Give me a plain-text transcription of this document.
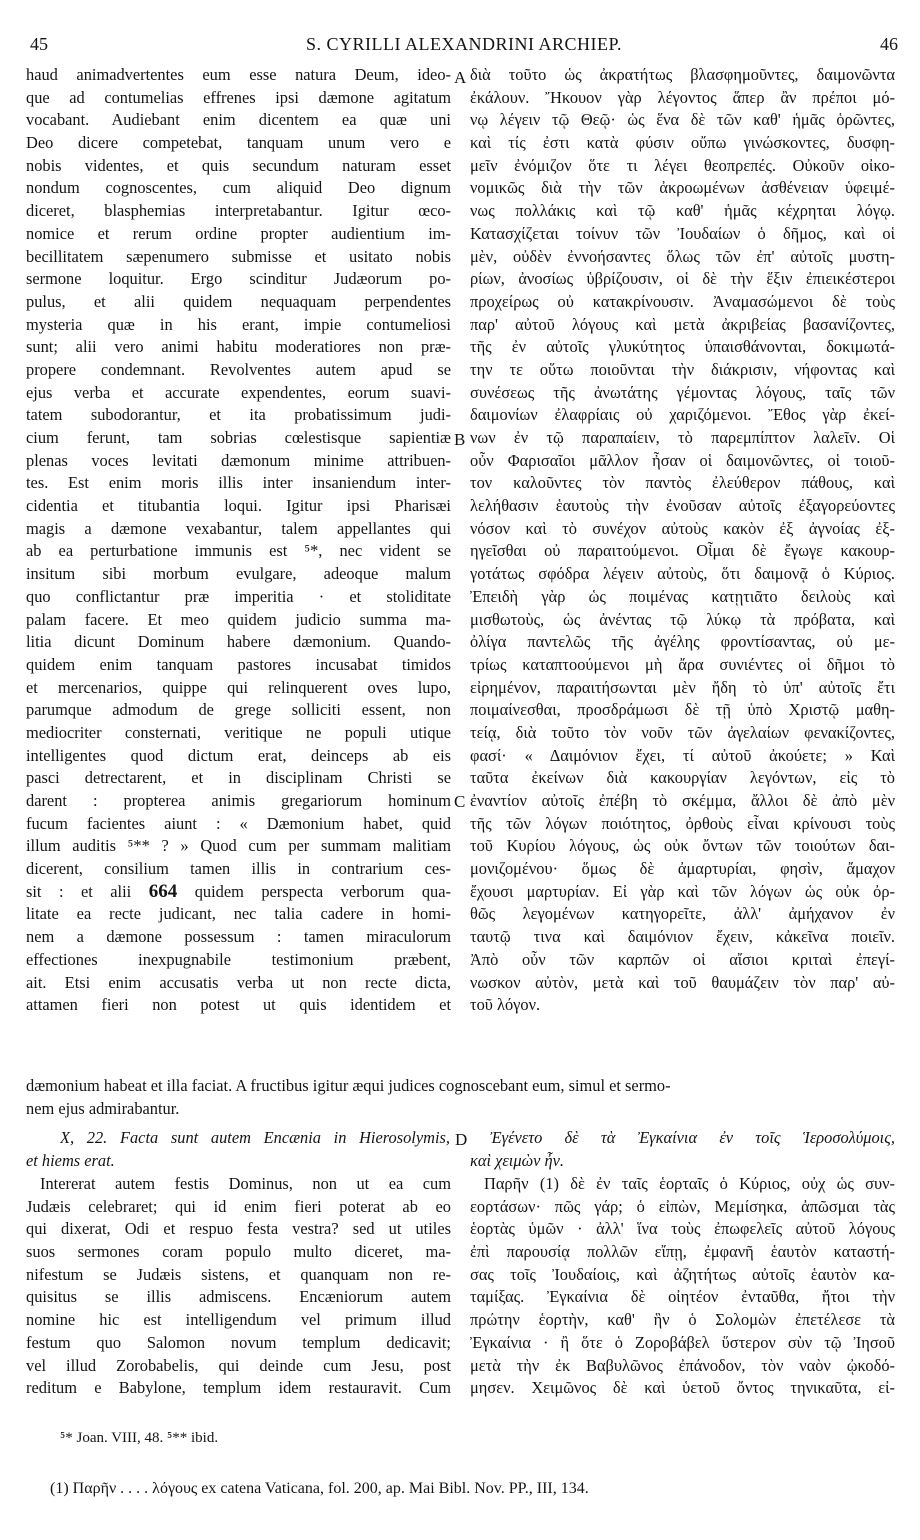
45	S. CYRILLI ALEXANDRINI ARCHIEP.	46
A
B
C
D
haud animadvertentes eum esse natura Deum, ideo-
que ad contumelias effrenes ipsi dæmone agitatum
vocabant. Audiebant enim dicentem ea quæ uni
Deo dicere competebat, tanquam unum vero e
nobis videntes, et quis secundum naturam esset
nondum cognoscentes, cum aliquid Deo dignum
diceret, blasphemias interpretabantur. Igitur œco-
nomice et rerum ordine propter audientium im-
becillitatem sæpenumero submisse et usitato nobis
sermone loquitur. Ergo scinditur Judæorum po-
pulus, et alii quidem nequaquam perpendentes
mysteria quæ in his erant, impie contumeliosi
sunt; alii vero animi habitu moderatiores non præ-
propere condemnant. Revolventes autem apud se
ejus verba et accurate expendentes, eorum suavi-
tatem subodorantur, et ita probatissimum judi-
cium ferunt, tam sobrias cœlestisque sapientiæ
plenas voces levitati dæmonum minime attribuen-
tes. Est enim moris illis inter insaniendum inter-
cidentia et titubantia loqui. Igitur ipsi Pharisæi
magis a dæmone vexabantur, talem appellantes qui
ab ea perturbatione immunis est ⁵*, nec vident se
insitum sibi morbum evulgare, adeoque malum
quo conflictantur præ imperitia · et stoliditate
palam facere. Et meo quidem judicio summa ma-
litia dicunt Dominum habere dæmonium. Quando-
quidem enim tanquam pastores incusabat timidos
et mercenarios, quippe qui relinquerent oves lupo,
parumque admodum de grege solliciti essent, non
mediocriter consternati, veritique ne populi utique
intelligentes quod dictum erat, deinceps ab eis
pasci detrectarent, et in disciplinam Christi se
darent : propterea animis gregariorum hominum
fucum facientes aiunt : « Dæmonium habet, quid
illum auditis ⁵** ? » Quod cum per summam malitiam
dicerent, consilium tamen illis in contrarium ces-
sit : et alii 664 quidem perspecta verborum qua-
litate ea recte judicant, nec talia cadere in homi-
nem a dæmone possessum : tamen miraculorum
effectiones inexpugnabile testimonium præbent,
ait. Etsi enim accusatis verba ut non recte dicta,
attamen fieri non potest ut quis identidem et
διὰ τοῦτο ὡς ἀκρατήτως βλασφημοῦντες, δαιμονῶντα
ἐκάλουν. Ἤκουον γὰρ λέγοντος ἅπερ ἂν πρέποι μό-
νῳ λέγειν τῷ Θεῷ· ὡς ἕνα δὲ τῶν καθ' ἡμᾶς ὁρῶντες,
καὶ τίς ἐστι κατὰ φύσιν οὔπω γινώσκοντες, δυσφη-
μεῖν ἐνόμιζον ὅτε τι λέγει θεοπρεπές. Οὐκοῦν οἰκο-
νομικῶς διὰ τὴν τῶν ἀκροωμένων ἀσθένειαν ὑφειμέ-
νως πολλάκις καὶ τῷ καθ' ἡμᾶς κέχρηται λόγῳ.
Κατασχίζεται τοίνυν τῶν Ἰουδαίων ὁ δῆμος, καὶ οἱ
μὲν, οὐδὲν ἐννοήσαντες ὅλως τῶν ἐπ' αὐτοῖς μυστη-
ρίων, ἀνοσίως ὑβρίζουσιν, οἱ δὲ τὴν ἕξιν ἐπιεικέστεροι
προχείρως οὐ κατακρίνουσιν. Ἀναμασώμενοι δὲ τοὺς
παρ' αὐτοῦ λόγους καὶ μετὰ ἀκριβείας βασανίζοντες,
τῆς ἐν αὐτοῖς γλυκύτητος ὑπαισθάνονται, δοκιμωτά-
την τε οὕτω ποιοῦνται τὴν διάκρισιν, νήφοντας καὶ
συνέσεως τῆς ἀνωτάτης γέμοντας λόγους, ταῖς τῶν
δαιμονίων ἐλαφρίαις οὐ χαριζόμενοι. Ἔθος γὰρ ἐκεί-
νων ἐν τῷ παραπαίειν, τὸ παρεμπίπτον λαλεῖν. Οἱ
οὖν Φαρισαῖοι μᾶλλον ἦσαν οἱ δαιμονῶντες, οἱ τοιοῦ-
τον καλοῦντες τὸν παντὸς ἐλεύθερον πάθους, καὶ
λελήθασιν ἑαυτοὺς τὴν ἐνοῦσαν αὐτοῖς ἐξαγορεύοντες
νόσον καὶ τὸ συνέχον αὐτοὺς κακὸν ἐξ ἀγνοίας ἐξ-
ηγεῖσθαι οὐ παραιτούμενοι. Οἶμαι δὲ ἔγωγε κακουρ-
γοτάτως σφόδρα λέγειν αὐτοὺς, ὅτι δαιμονᾷ ὁ Κύριος.
Ἐπειδὴ γὰρ ὡς ποιμένας κατῃτιᾶτο δειλοὺς καὶ
μισθωτοὺς, ὡς ἀνέντας τῷ λύκῳ τὰ πρόβατα, καὶ
ὀλίγα παντελῶς τῆς ἀγέλης φροντίσαντας, οὐ με-
τρίως καταπτοούμενοι μὴ ἄρα συνιέντες οἱ δῆμοι τὸ
εἰρημένον, παραιτήσωνται μὲν ἤδη τὸ ὑπ' αὐτοῖς ἔτι
ποιμαίνεσθαι, προσδράμωσι δὲ τῇ ὑπὸ Χριστῷ μαθη-
τείᾳ, διὰ τοῦτο τὸν νοῦν τῶν ἀγελαίων φενακίζοντες,
φασί· « Δαιμόνιον ἔχει, τί αὐτοῦ ἀκούετε; » Καὶ
ταῦτα ἐκείνων διὰ κακουργίαν λεγόντων, εἰς τὸ
ἐναντίον αὐτοῖς ἐπέβη τὸ σκέμμα, ἄλλοι δὲ ἀπὸ μὲν
τῆς τῶν λόγων ποιότητος, ὀρθοὺς εἶναι κρίνουσι τοὺς
τοῦ Κυρίου λόγους, ὡς οὐκ ὄντων τῶν τοιούτων δαι-
μονιζομένου· ὅμως δὲ ἀμαρτυρίαι, φησὶν, ἄμαχον
ἔχουσι μαρτυρίαν. Εἰ γὰρ καὶ τῶν λόγων ὡς οὐκ ὀρ-
θῶς λεγομένων κατηγορεῖτε, ἀλλ' ἀμήχανον ἐν
ταυτῷ τινα καὶ δαιμόνιον ἔχειν, κἀκεῖνα ποιεῖν.
Ἀπὸ οὖν τῶν καρπῶν οἱ αἴσιοι κριταὶ ἐπεγί-
νωσκον αὐτὸν, μετὰ καὶ τοῦ θαυμάζειν τὸν παρ' αὐ-
τοῦ λόγον.
dæmonium habeat et illa faciat. A fructibus igitur æqui judices cognoscebant eum, simul et sermo-
nem ejus admirabantur.
X, 22. Facta sunt autem Encænia in Hierosolymis,
et hiems erat.
Intererat autem festis Dominus, non ut ea cum
Judæis celebraret; qui id enim fieri poterat ab eo
qui dixerat, Odi et respuo festa vestra? sed ut utiles
suos sermones coram populo multo diceret, ma-
nifestum se Judæis sistens, et quanquam non re-
quisitus se illis admiscens. Encæniorum autem
nomine hic est intelligendum vel primum illud
festum quo Salomon novum templum dedicavit;
vel illud Zorobabelis, qui deinde cum Jesu, post
reditum e Babylone, templum idem restauravit. Cum
Ἐγένετο δὲ τὰ Ἐγκαίνια ἐν τοῖς Ἱεροσολύμοις,
καὶ χειμὼν ἦν.
Παρῆν (1) δὲ ἐν ταῖς ἑορταῖς ὁ Κύριος, οὐχ ὡς συν-
εορτάσων· πῶς γάρ; ὁ εἰπὼν, Μεμίσηκα, ἀπῶσμαι τὰς
ἑορτὰς ὑμῶν · ἀλλ' ἵνα τοὺς ἐπωφελεῖς αὐτοῦ λόγους
ἐπὶ παρουσίᾳ πολλῶν εἴπῃ, ἐμφανῆ ἑαυτὸν καταστή-
σας τοῖς Ἰουδαίοις, καὶ ἀζητήτως αὐτοῖς ἑαυτὸν κα-
ταμίξας. Ἐγκαίνια δὲ οἰητέον ἐνταῦθα, ἤτοι τὴν
πρώτην ἑορτὴν, καθ' ἣν ὁ Σολομὼν ἐπετέλεσε τὰ
Ἐγκαίνια · ἢ ὅτε ὁ Ζοροβάβελ ὕστερον σὺν τῷ Ἰησοῦ
μετὰ τὴν ἐκ Βαβυλῶνος ἐπάνοδον, τὸν ναὸν ᾠκοδό-
μησεν. Χειμῶνος δὲ καὶ ὑετοῦ ὄντος τηνικαῦτα, εἰ-
⁵* Joan. VIII, 48. ⁵** ibid.
(1) Παρῆν . . . . λόγους ex catena Vaticana, fol. 200, ap. Mai Bibl. Nov. PP., III, 134.
